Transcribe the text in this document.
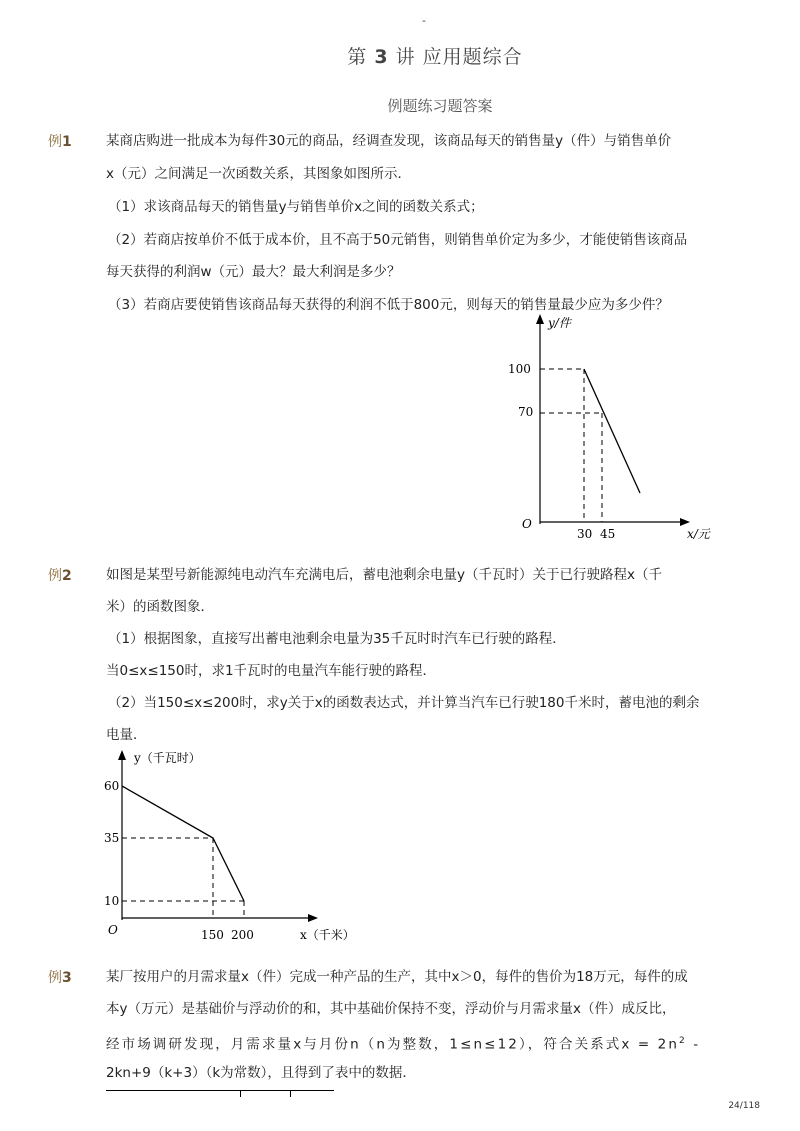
-
第 3 讲 应用题综合
例题练习题答案
例1	某商店购进一批成本为每件30元的商品，经调查发现，该商品每天的销售量y（件）与销售单价
x（元）之间满足一次函数关系，其图象如图所示．
（1）求该商品每天的销售量y与销售单价x之间的函数关系式；
（2）若商店按单价不低于成本价，且不高于50元销售，则销售单价定为多少，才能使销售该商品
每天获得的利润w（元）最大？最大利润是多少？
（3）若商店要使销售该商品每天获得的利润不低于800元，则每天的销售量最少应为多少件？
y/件
x/元
O
100
70
30 45
例2	如图是某型号新能源纯电动汽车充满电后，蓄电池剩余电量y（千瓦时）关于已行驶路程x（千
米）的函数图象．
（1）根据图象，直接写出蓄电池剩余电量为35千瓦时时汽车已行驶的路程．
当0≤x≤150时，求1千瓦时的电量汽车能行驶的路程．
（2）当150≤x≤200时，求y关于x的函数表达式，并计算当汽车已行驶180千米时，蓄电池的剩余
电量．
y（千瓦时）
x（千米）
O
60
35
10
150 200
例3	某厂按用户的月需求量x（件）完成一种产品的生产，其中x＞0，每件的售价为18万元，每件的成
本y（万元）是基础价与浮动价的和，其中基础价保持不变，浮动价与月需求量x（件）成反比，
经市场调研发现，月需求量x与月份n（n为整数，1≤n≤12），符合关系式$x = 2n^2$ -
2kn+9（k+3）（k为常数），且得到了表中的数据．
24/118
